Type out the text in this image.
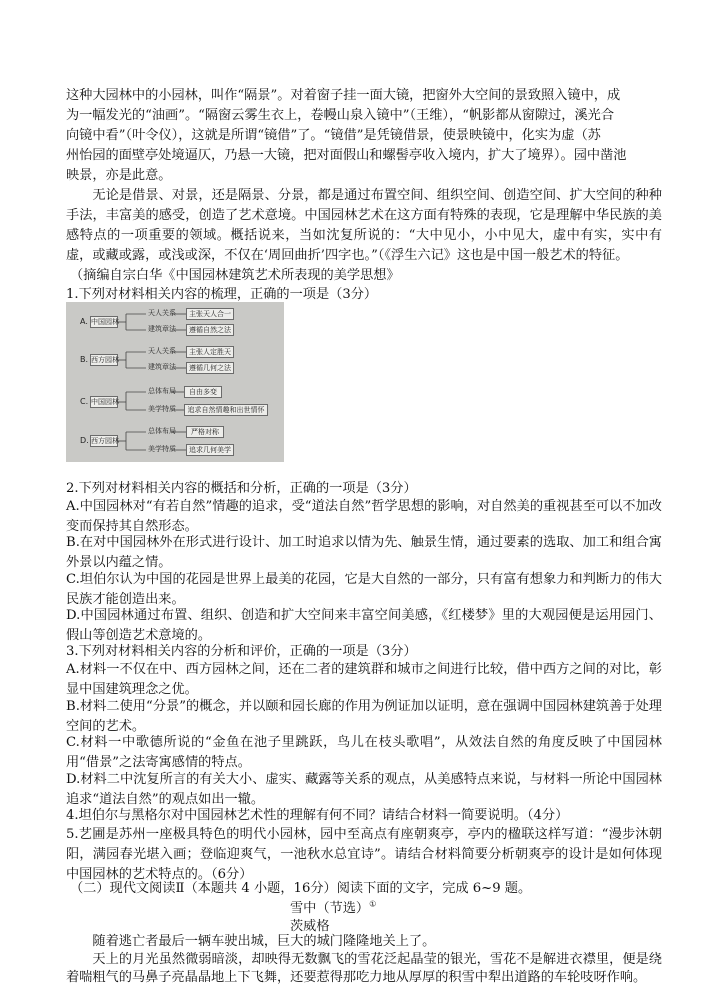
这种大园林中的小园林，叫作“隔景”。对着窗子挂一面大镜，把窗外大空间的景致照入镜中，成
为一幅发光的“油画”。“隔窗云雾生衣上，卷幔山泉入镜中”（王维），“帆影都从窗隙过，溪光合
向镜中看”（叶令仪），这就是所谓“镜借”了。“镜借”是凭镜借景，使景映镜中，化实为虚（苏
州怡园的面壁亭处境逼仄，乃悬一大镜，把对面假山和螺髻亭收入境内，扩大了境界）。园中凿池
映景，亦是此意。
无论是借景、对景，还是隔景、分景，都是通过布置空间、组织空间、创造空间、扩大空间的种种手法，丰富美的感受，创造了艺术意境。中国园林艺术在这方面有特殊的表现，它是理解中华民族的美感特点的一项重要的领域。概括说来，当如沈复所说的：“大中见小，小中见大，虚中有实，实中有虚，或藏或露，或浅或深，不仅在‘周回曲折’四字也。”（《浮生六记》这也是中国一般艺术的特征。
（摘编自宗白华《中国园林建筑艺术所表现的美学思想》
1.下列对材料相关内容的梳理，正确的一项是（3分）
A.
B.
C.
D.
中国园林
天人关系
建筑章法
主张天人合一
遵循自然之法
西方园林
天人关系
建筑章法
主张人定胜天
遵循几何之法
中国园林
总体布局
美学特质
自由多变
追求自然情趣和出世情怀
西方园林
总体布局
美学特质
严格对称
追求几何美学
2.下列对材料相关内容的概括和分析，正确的一项是（3分）
A.中国园林对“有若自然”情趣的追求，受“道法自然”哲学思想的影响，对自然美的重视甚至可以不加改变而保持其自然形态。
B.在对中国园林外在形式进行设计、加工时追求以情为先、触景生情，通过要素的选取、加工和组合寓外景以内蕴之情。
C.坦伯尔认为中国的花园是世界上最美的花园，它是大自然的一部分，只有富有想象力和判断力的伟大民族才能创造出来。
D.中国园林通过布置、组织、创造和扩大空间来丰富空间美感，《红楼梦》里的大观园便是运用园门、假山等创造艺术意境的。
3.下列对材料相关内容的分析和评价，正确的一项是（3分）
A.材料一不仅在中、西方园林之间，还在二者的建筑群和城市之间进行比较，借中西方之间的对比，彰显中国建筑理念之优。
B.材料二使用“分景”的概念，并以颐和园长廊的作用为例证加以证明，意在强调中国园林建筑善于处理空间的艺术。
C.材料一中歌德所说的“金鱼在池子里跳跃，鸟儿在枝头歌唱”，从效法自然的角度反映了中国园林用“借景”之法寄寓感情的特点。
D.材料二中沈复所言的有关大小、虚实、藏露等关系的观点，从美感特点来说，与材料一所论中国园林追求“道法自然”的观点如出一辙。
4.坦伯尔与黑格尔对中国园林艺术性的理解有何不同？请结合材料一简要说明。（4分）
5.艺圃是苏州一座极具特色的明代小园林，园中至高点有座朝爽亭，亭内的楹联这样写道：“漫步沐朝阳，满园春光堪入画；登临迎爽气，一池秋水总宜诗”。请结合材料简要分析朝爽亭的设计是如何体现中国园林的艺术特点的。（6分）
（二）现代文阅读Ⅱ（本题共 4 小题，16分）阅读下面的文字，完成 6~9 题。
雪中（节选）①
茨威格
随着逃亡者最后一辆车驶出城，巨大的城门隆隆地关上了。
天上的月光虽然微弱暗淡，却映得无数飘飞的雪花泛起晶莹的银光，雪花不是解进衣襟里，便是绕着喘粗气的马鼻子亮晶晶地上下飞舞，还要惹得那吃力地从厚厚的积雪中犁出道路的车轮吱呀作响。
